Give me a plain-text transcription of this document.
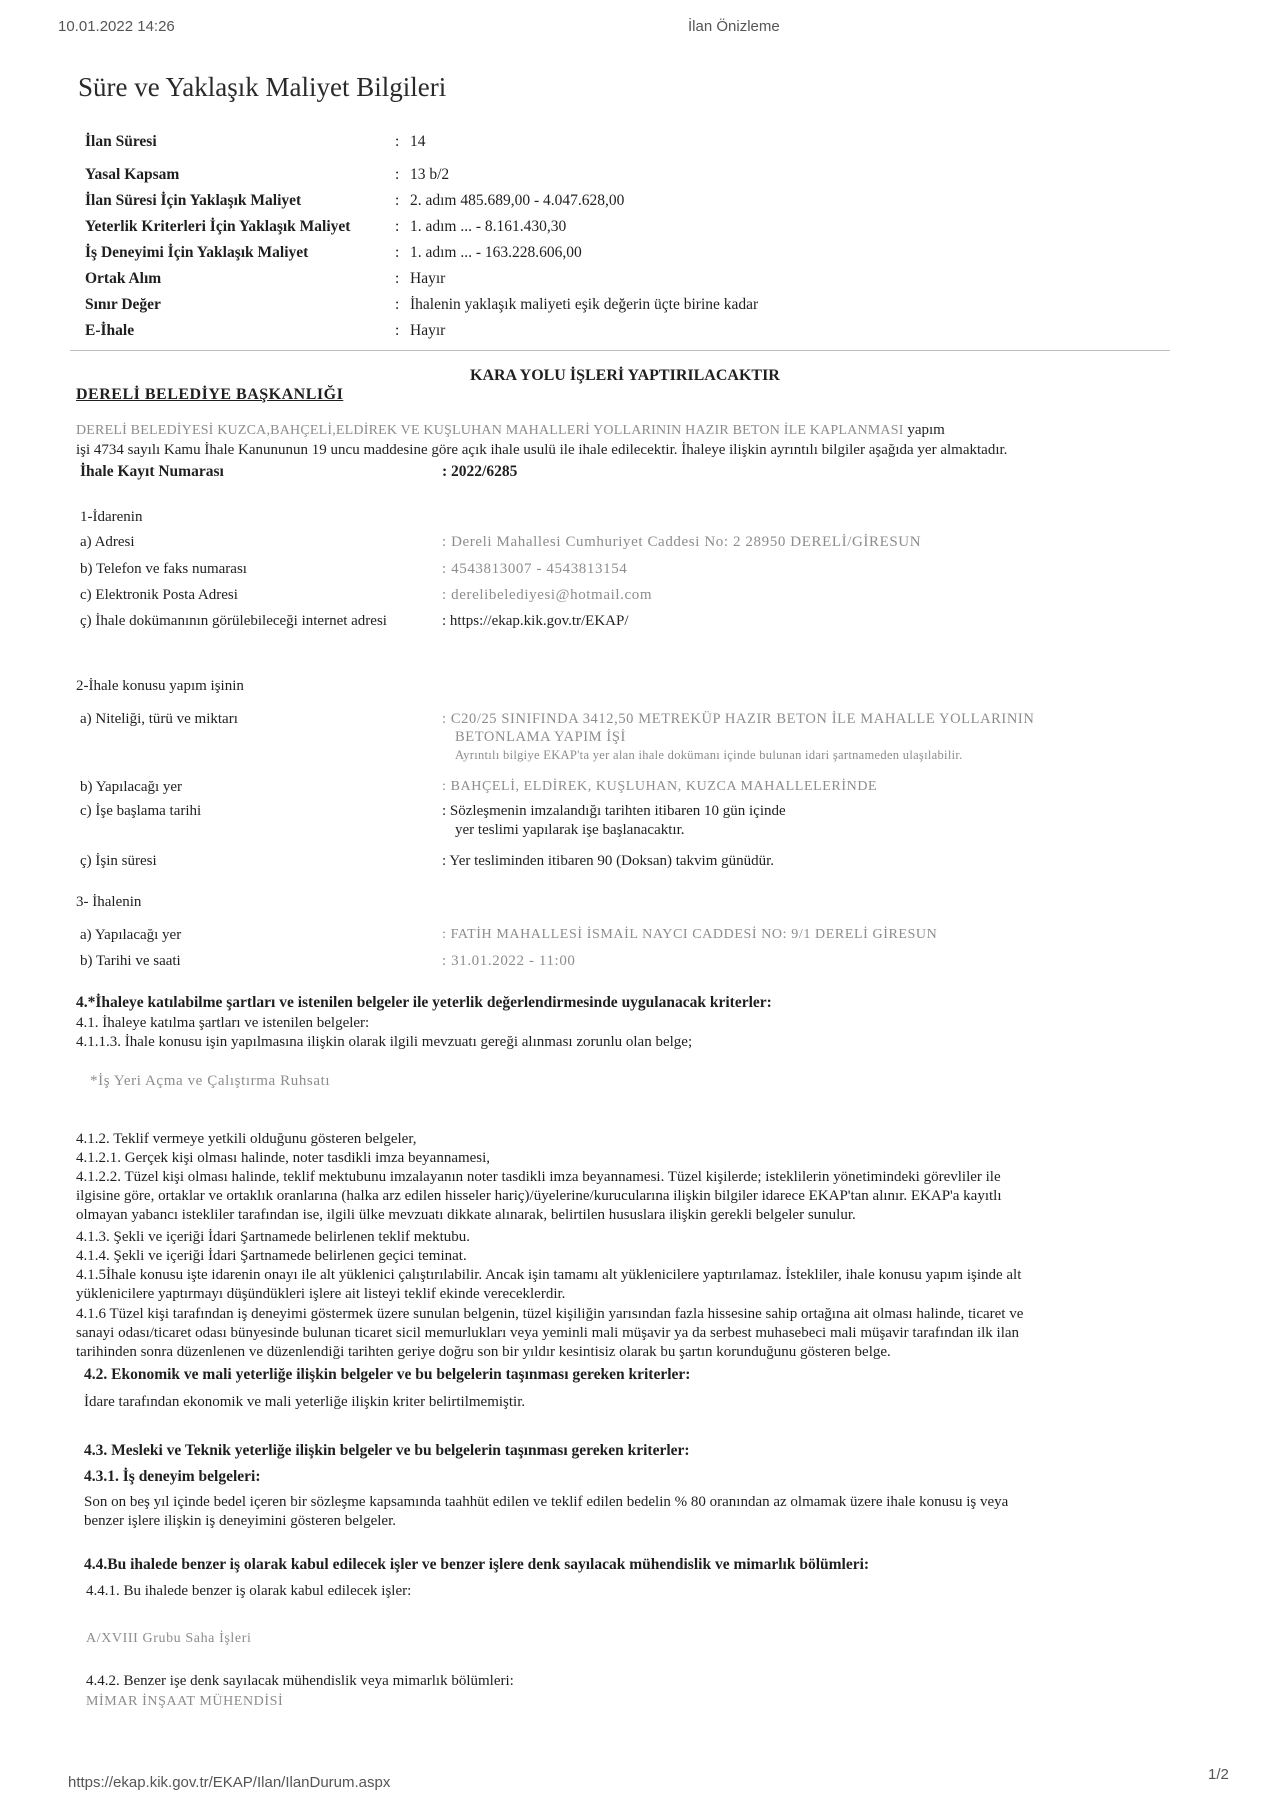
10.01.2022 14:26	İlan Önizleme
Süre ve Yaklaşık Maliyet Bilgileri
İlan Süresi	: 14
Yasal Kapsam	: 13 b/2
İlan Süresi İçin Yaklaşık Maliyet	: 2. adım 485.689,00 - 4.047.628,00
Yeterlik Kriterleri İçin Yaklaşık Maliyet	: 1. adım ... - 8.161.430,30
İş Deneyimi İçin Yaklaşık Maliyet	: 1. adım ... - 163.228.606,00
Ortak Alım	: Hayır
Sınır Değer	: İhalenin yaklaşık maliyeti eşik değerin üçte birine kadar
E-İhale	: Hayır
KARA YOLU İŞLERİ YAPTIRILACAKTIR
DERELİ BELEDİYE BAŞKANLIĞI
DERELİ BELEDİYESİ KUZCA,BAHÇELİ,ELDİREK VE KUŞLUHAN MAHALLERİ YOLLARININ HAZIR BETON İLE KAPLANMASI yapım
işi 4734 sayılı Kamu İhale Kanununun 19 uncu maddesine göre açık ihale usulü ile ihale edilecektir. İhaleye ilişkin ayrıntılı bilgiler aşağıda yer almaktadır.
İhale Kayıt Numarası	: 2022/6285
1-İdarenin
a) Adresi	: Dereli Mahallesi Cumhuriyet Caddesi No: 2 28950 DERELİ/GİRESUN
b) Telefon ve faks numarası	: 4543813007 - 4543813154
c) Elektronik Posta Adresi	: derelibelediyesi@hotmail.com
ç) İhale dokümanının görülebileceği internet adresi	: https://ekap.kik.gov.tr/EKAP/
2-İhale konusu yapım işinin
a) Niteliği, türü ve miktarı	: C20/25 SINIFINDA 3412,50 METREKÜP HAZIR BETON İLE MAHALLE YOLLARININ
BETONLAMA YAPIM İŞİ
Ayrıntılı bilgiye EKAP'ta yer alan ihale dokümanı içinde bulunan idari şartnameden ulaşılabilir.
b) Yapılacağı yer	: BAHÇELİ, ELDİREK, KUŞLUHAN, KUZCA MAHALLELERİNDE
c) İşe başlama tarihi	: Sözleşmenin imzalandığı tarihten itibaren 10 gün içinde
yer teslimi yapılarak işe başlanacaktır.
ç) İşin süresi	: Yer tesliminden itibaren 90 (Doksan) takvim günüdür.
3- İhalenin
a) Yapılacağı yer	: FATİH MAHALLESİ İSMAİL NAYCI CADDESİ NO: 9/1 DERELİ GİRESUN
b) Tarihi ve saati	: 31.01.2022 - 11:00
4.*İhaleye katılabilme şartları ve istenilen belgeler ile yeterlik değerlendirmesinde uygulanacak kriterler:
4.1. İhaleye katılma şartları ve istenilen belgeler:
4.1.1.3. İhale konusu işin yapılmasına ilişkin olarak ilgili mevzuatı gereği alınması zorunlu olan belge;
*İş Yeri Açma ve Çalıştırma Ruhsatı
4.1.2. Teklif vermeye yetkili olduğunu gösteren belgeler,
4.1.2.1. Gerçek kişi olması halinde, noter tasdikli imza beyannamesi,
4.1.2.2. Tüzel kişi olması halinde, teklif mektubunu imzalayanın noter tasdikli imza beyannamesi. Tüzel kişilerde; isteklilerin yönetimindeki görevliler ile
ilgisine göre, ortaklar ve ortaklık oranlarına (halka arz edilen hisseler hariç)/üyelerine/kurucularına ilişkin bilgiler idarece EKAP'tan alınır. EKAP'a kayıtlı
olmayan yabancı istekliler tarafından ise, ilgili ülke mevzuatı dikkate alınarak, belirtilen hususlara ilişkin gerekli belgeler sunulur.
4.1.3. Şekli ve içeriği İdari Şartnamede belirlenen teklif mektubu.
4.1.4. Şekli ve içeriği İdari Şartnamede belirlenen geçici teminat.
4.1.5İhale konusu işte idarenin onayı ile alt yüklenici çalıştırılabilir. Ancak işin tamamı alt yüklenicilere yaptırılamaz. İstekliler, ihale konusu yapım işinde alt
yüklenicilere yaptırmayı düşündükleri işlere ait listeyi teklif ekinde vereceklerdir.
4.1.6 Tüzel kişi tarafından iş deneyimi göstermek üzere sunulan belgenin, tüzel kişiliğin yarısından fazla hissesine sahip ortağına ait olması halinde, ticaret ve
sanayi odası/ticaret odası bünyesinde bulunan ticaret sicil memurlukları veya yeminli mali müşavir ya da serbest muhasebeci mali müşavir tarafından ilk ilan
tarihinden sonra düzenlenen ve düzenlendiği tarihten geriye doğru son bir yıldır kesintisiz olarak bu şartın korunduğunu gösteren belge.
4.2. Ekonomik ve mali yeterliğe ilişkin belgeler ve bu belgelerin taşınması gereken kriterler:
İdare tarafından ekonomik ve mali yeterliğe ilişkin kriter belirtilmemiştir.
4.3. Mesleki ve Teknik yeterliğe ilişkin belgeler ve bu belgelerin taşınması gereken kriterler:
4.3.1. İş deneyim belgeleri:
Son on beş yıl içinde bedel içeren bir sözleşme kapsamında taahhüt edilen ve teklif edilen bedelin % 80 oranından az olmamak üzere ihale konusu iş veya
benzer işlere ilişkin iş deneyimini gösteren belgeler.
4.4.Bu ihalede benzer iş olarak kabul edilecek işler ve benzer işlere denk sayılacak mühendislik ve mimarlık bölümleri:
4.4.1. Bu ihalede benzer iş olarak kabul edilecek işler:
A/XVIII Grubu Saha İşleri
4.4.2. Benzer işe denk sayılacak mühendislik veya mimarlık bölümleri:
MİMAR İNŞAAT MÜHENDİSİ
https://ekap.kik.gov.tr/EKAP/Ilan/IlanDurum.aspx	1/2
